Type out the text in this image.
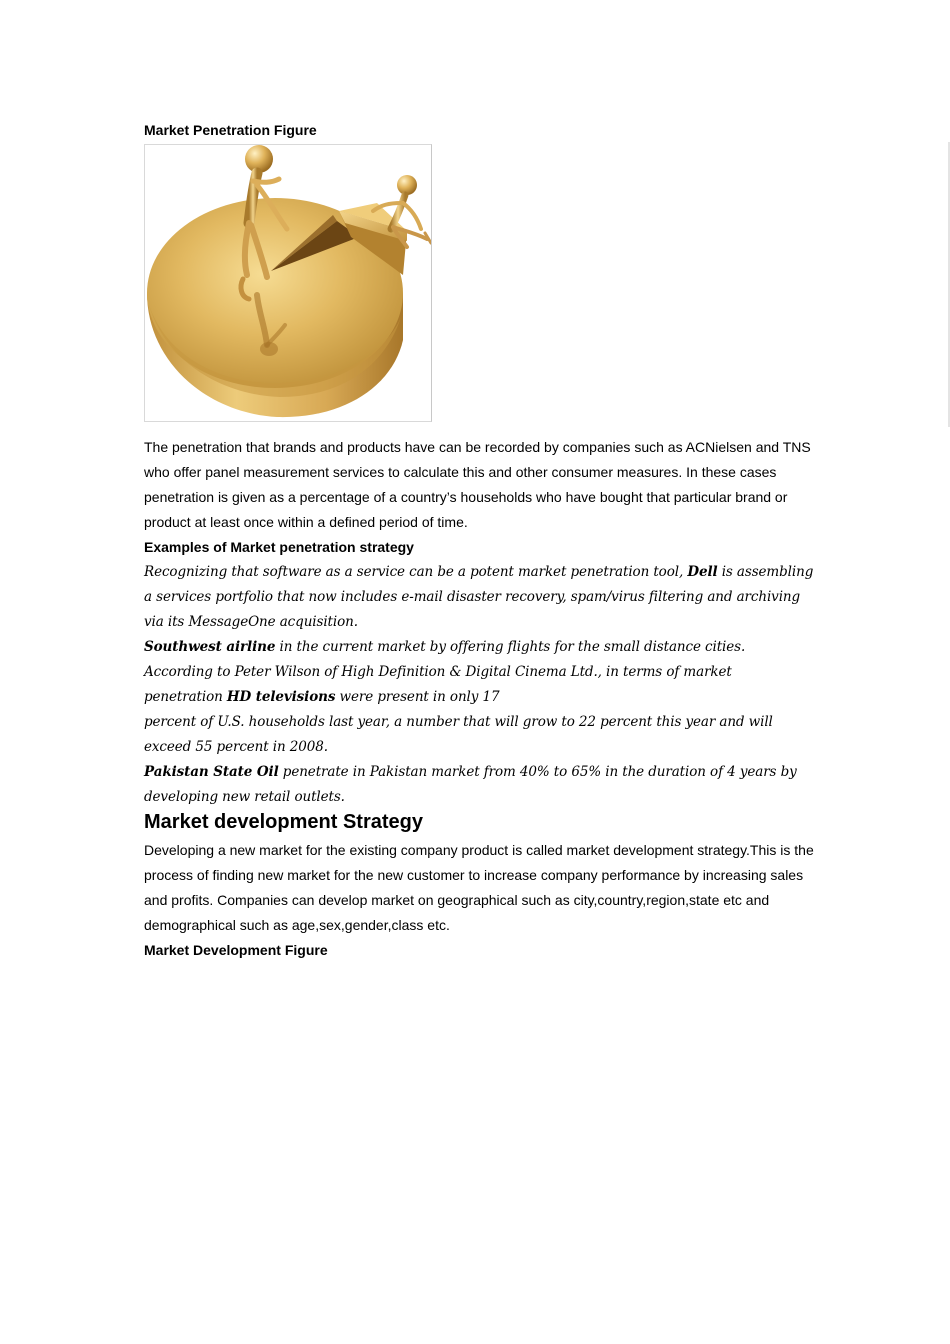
Market Penetration Figure

The penetration that brands and products have can be recorded by companies such as ACNielsen and TNS who offer panel measurement services to calculate this and other consumer measures. In these cases penetration is given as a percentage of a country’s households who have bought that particular brand or product at least once within a defined period of time.

Examples of Market penetration strategy

Recognizing that software as a service can be a potent market penetration tool, Dell is assembling a services portfolio that now includes e-mail disaster recovery, spam/virus filtering and archiving via its MessageOne acquisition.

Southwest airline in the current market by offering flights for the small distance cities.

According to Peter Wilson of High Definition & Digital Cinema Ltd., in terms of market

penetration HD televisions were present in only 17

percent of U.S. households last year, a number that will grow to 22 percent this year and will exceed 55 percent in 2008.

Pakistan State Oil penetrate in Pakistan market from 40% to 65% in the duration of 4 years by developing new retail outlets.

Market development Strategy

Developing a new market for the existing company product is called market development strategy.This is the process of finding new market for the new customer to increase company performance by increasing sales and profits. Companies can develop market on geographical such as city,country,region,state etc and demographical such as age,sex,gender,class etc.

Market Development Figure
